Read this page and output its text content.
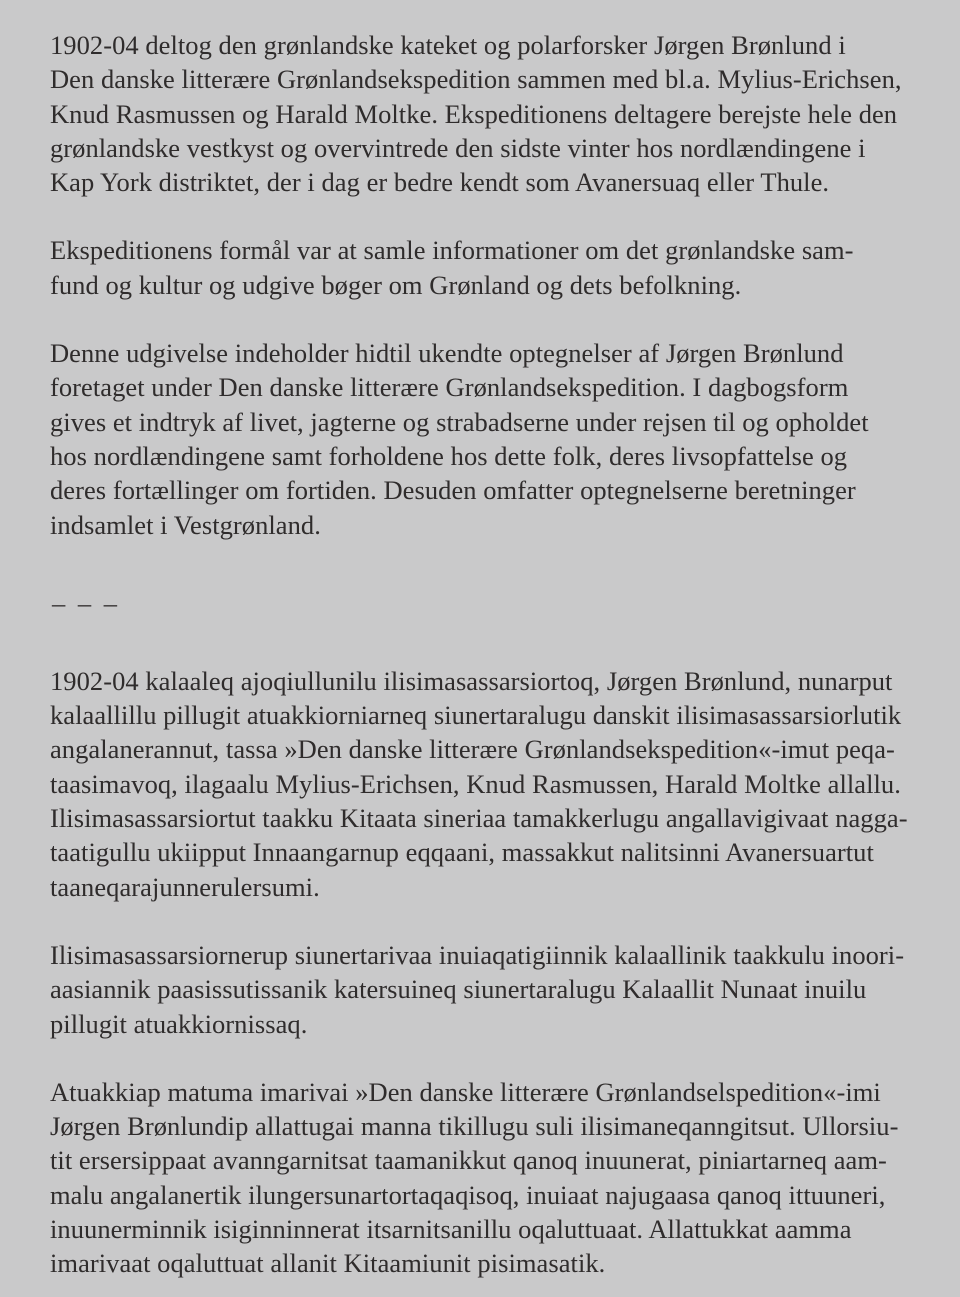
1902-04 deltog den grønlandske kateket og polarforsker Jørgen Brønlund i
Den danske litterære Grønlandsekspedition sammen med bl.a. Mylius-Erichsen,
Knud Rasmussen og Harald Moltke. Ekspeditionens deltagere berejste hele den
grønlandske vestkyst og overvintrede den sidste vinter hos nordlændingene i
Kap York distriktet, der i dag er bedre kendt som Avanersuaq eller Thule.

Ekspeditionens formål var at samle informationer om det grønlandske sam-
fund og kultur og udgive bøger om Grønland og dets befolkning.

Denne udgivelse indeholder hidtil ukendte optegnelser af Jørgen Brønlund
foretaget under Den danske litterære Grønlandsekspedition. I dagbogsform
gives et indtryk af livet, jagterne og strabadserne under rejsen til og opholdet
hos nordlændingene samt forholdene hos dette folk, deres livsopfattelse og
deres fortællinger om fortiden. Desuden omfatter optegnelserne beretninger
indsamlet i Vestgrønland.

– – –

1902-04 kalaaleq ajoqiullunilu ilisimasassarsiortoq, Jørgen Brønlund, nunarput
kalaallillu pillugit atuakkiorniarneq siunertaralugu danskit ilisimasassarsiorlutik
angalanerannut, tassa »Den danske litterære Grønlandsekspedition«-imut peqa-
taasimavoq, ilagaalu Mylius-Erichsen, Knud Rasmussen, Harald Moltke allallu.
Ilisimasassarsiortut taakku Kitaata sineriaa tamakkerlugu angallavigivaat nagga-
taatigullu ukiipput Innaangarnup eqqaani, massakkut nalitsinni Avanersuartut
taaneqarajunnerulersumi.

Ilisimasassarsiornerup siunertarivaa inuiaqatigiinnik kalaallinik taakkulu inoori-
aasiannik paasissutissanik katersuineq siunertaralugu Kalaallit Nunaat inuilu
pillugit atuakkiornissaq.

Atuakkiap matuma imarivai »Den danske litterære Grønlandselspedition«-imi
Jørgen Brønlundip allattugai manna tikillugu suli ilisimaneqanngitsut. Ullorsiu-
tit ersersippaat avanngarnitsat taamanikkut qanoq inuunerat, piniartarneq aam-
malu angalanertik ilungersunartortaqaqisoq, inuiaat najugaasa qanoq ittuuneri,
inuunerminnik isiginninnerat itsarnitsanillu oqaluttuaat. Allattukkat aamma
imarivaat oqaluttuat allanit Kitaamiunit pisimasatik.
